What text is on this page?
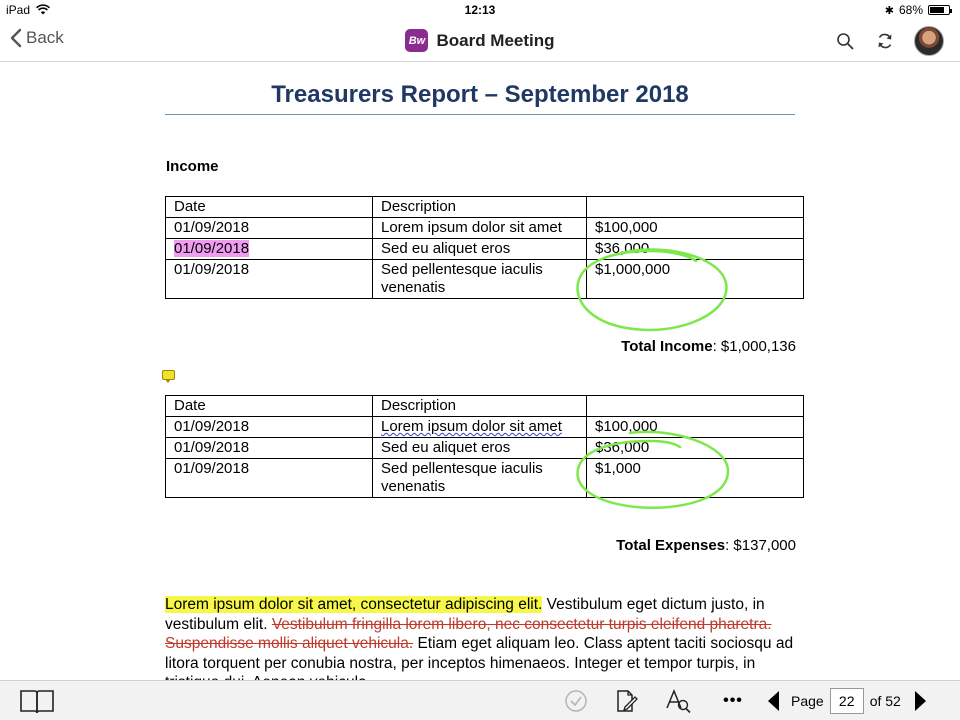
iPad	12:13	✱ 68%
Back	Bw Board Meeting
Treasurers Report – September 2018
Income
Date	Description	
01/09/2018	Lorem ipsum dolor sit amet	$100,000
01/09/2018	Sed eu aliquet eros	$36,000
01/09/2018	Sed pellentesque iaculis venenatis	$1,000,000
Total Income: $1,000,136
Date	Description	
01/09/2018	Lorem ipsum dolor sit amet	$100,000
01/09/2018	Sed eu aliquet eros	$36,000
01/09/2018	Sed pellentesque iaculis venenatis	$1,000
Total Expenses: $137,000
Lorem ipsum dolor sit amet, consectetur adipiscing elit. Vestibulum eget dictum justo, in vestibulum elit. Vestibulum fringilla lorem libero, nec consectetur turpis eleifend pharetra. Suspendisse mollis aliquet vehicula. Etiam eget aliquam leo. Class aptent taciti sociosqu ad litora torquent per conubia nostra, per inceptos himenaeos. Integer et tempor turpis, in
•••	Page
22	of 52
